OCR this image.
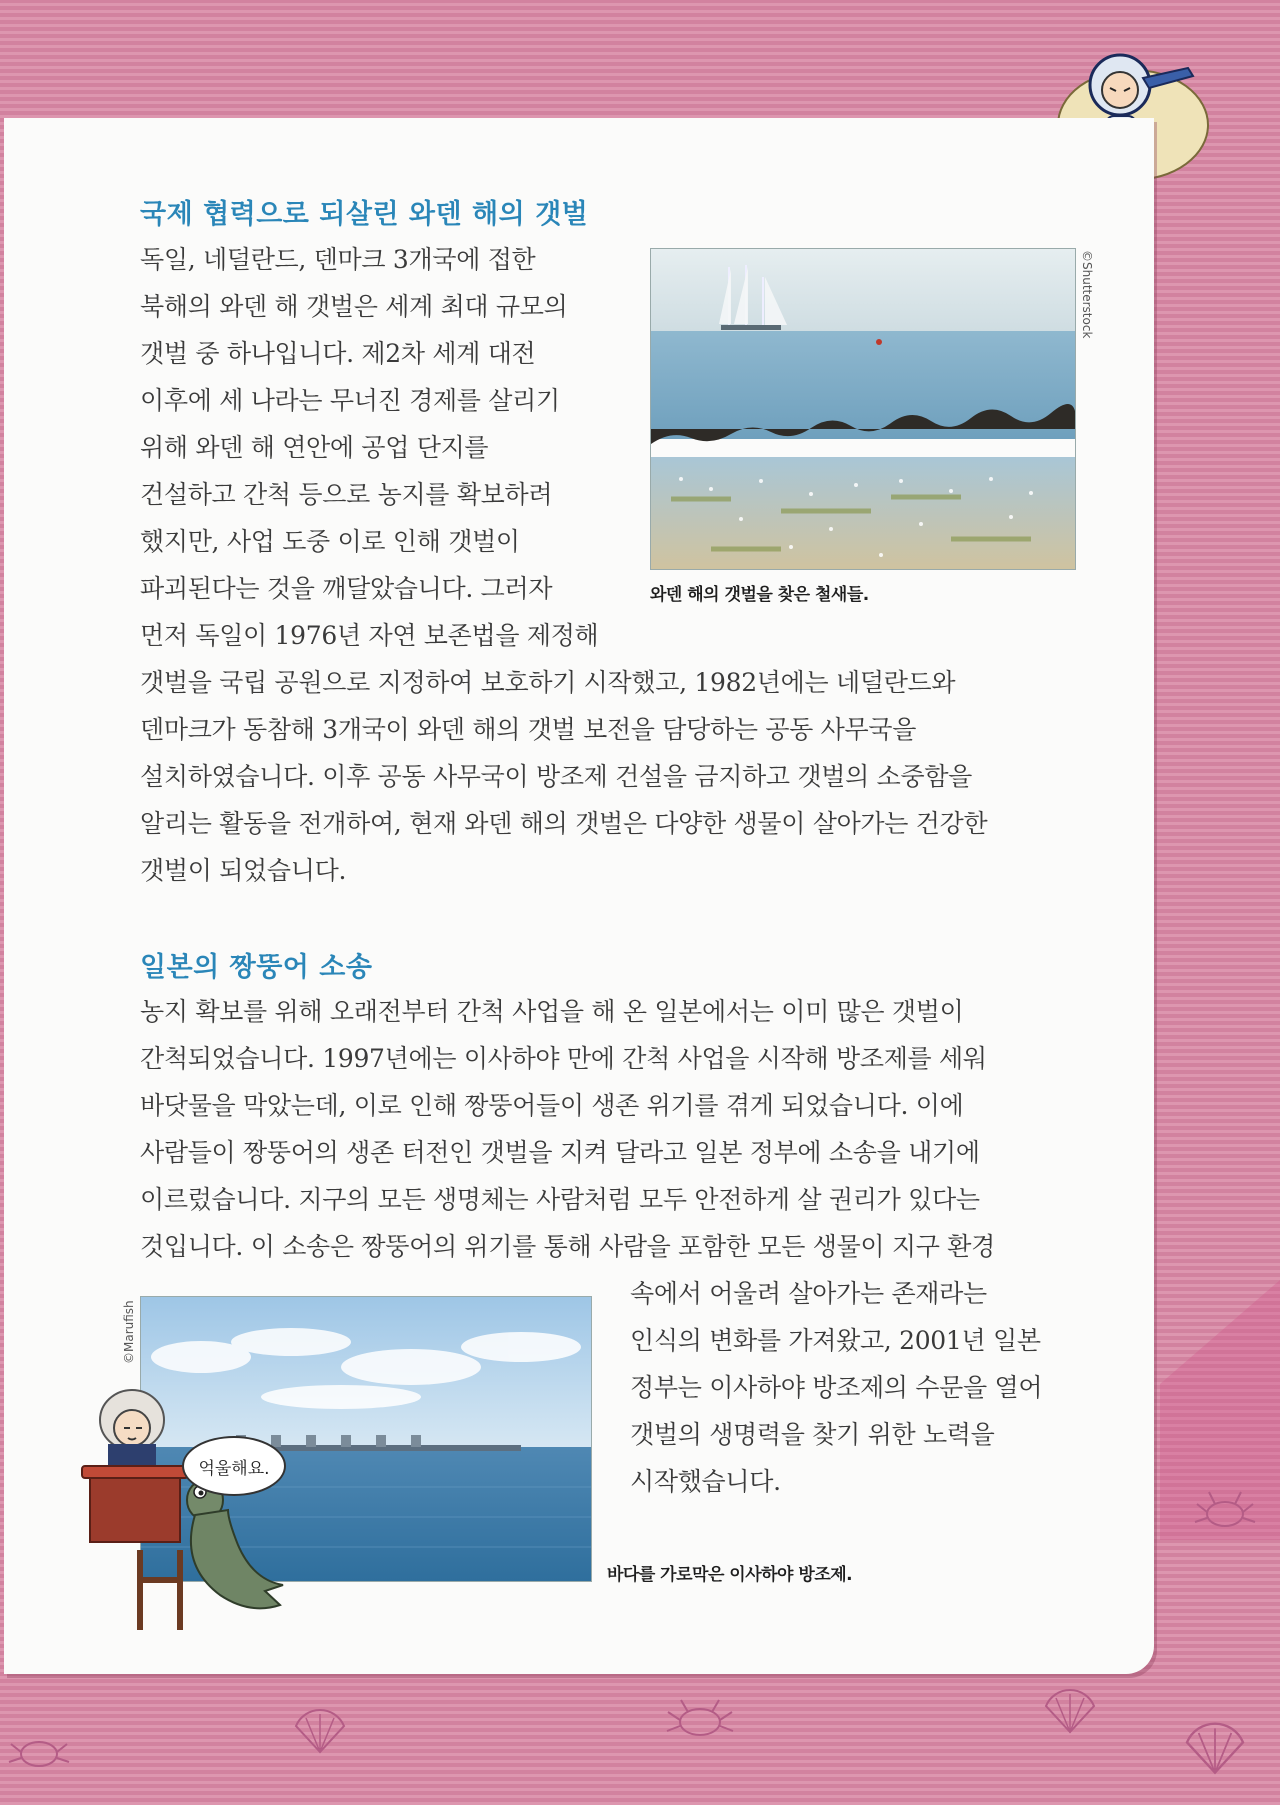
국제 협력으로 되살린 와덴 해의 갯벌

독일, 네덜란드, 덴마크 3개국에 접한

북해의 와덴 해 갯벌은 세계 최대 규모의

갯벌 중 하나입니다. 제2차 세계 대전

이후에 세 나라는 무너진 경제를 살리기

위해 와덴 해 연안에 공업 단지를

건설하고 간척 등으로 농지를 확보하려

했지만, 사업 도중 이로 인해 갯벌이

파괴된다는 것을 깨달았습니다. 그러자

먼저 독일이 1976년 자연 보존법을 제정해

갯벌을 국립 공원으로 지정하여 보호하기 시작했고, 1982년에는 네덜란드와

덴마크가 동참해 3개국이 와덴 해의 갯벌 보전을 담당하는 공동 사무국을

설치하였습니다. 이후 공동 사무국이 방조제 건설을 금지하고 갯벌의 소중함을

알리는 활동을 전개하여, 현재 와덴 해의 갯벌은 다양한 생물이 살아가는 건강한

갯벌이 되었습니다.

©Shutterstock

와덴 해의 갯벌을 찾은 철새들.

일본의 짱뚱어 소송

농지 확보를 위해 오래전부터 간척 사업을 해 온 일본에서는 이미 많은 갯벌이

간척되었습니다. 1997년에는 이사하야 만에 간척 사업을 시작해 방조제를 세워

바닷물을 막았는데, 이로 인해 짱뚱어들이 생존 위기를 겪게 되었습니다. 이에

사람들이 짱뚱어의 생존 터전인 갯벌을 지켜 달라고 일본 정부에 소송을 내기에

이르렀습니다. 지구의 모든 생명체는 사람처럼 모두 안전하게 살 권리가 있다는

것입니다. 이 소송은 짱뚱어의 위기를 통해 사람을 포함한 모든 생물이 지구 환경

속에서 어울려 살아가는 존재라는

인식의 변화를 가져왔고, 2001년 일본

정부는 이사하야 방조제의 수문을 열어

갯벌의 생명력을 찾기 위한 노력을

시작했습니다.

©Marufish

바다를 가로막은 이사하야 방조제.

억울해요.
